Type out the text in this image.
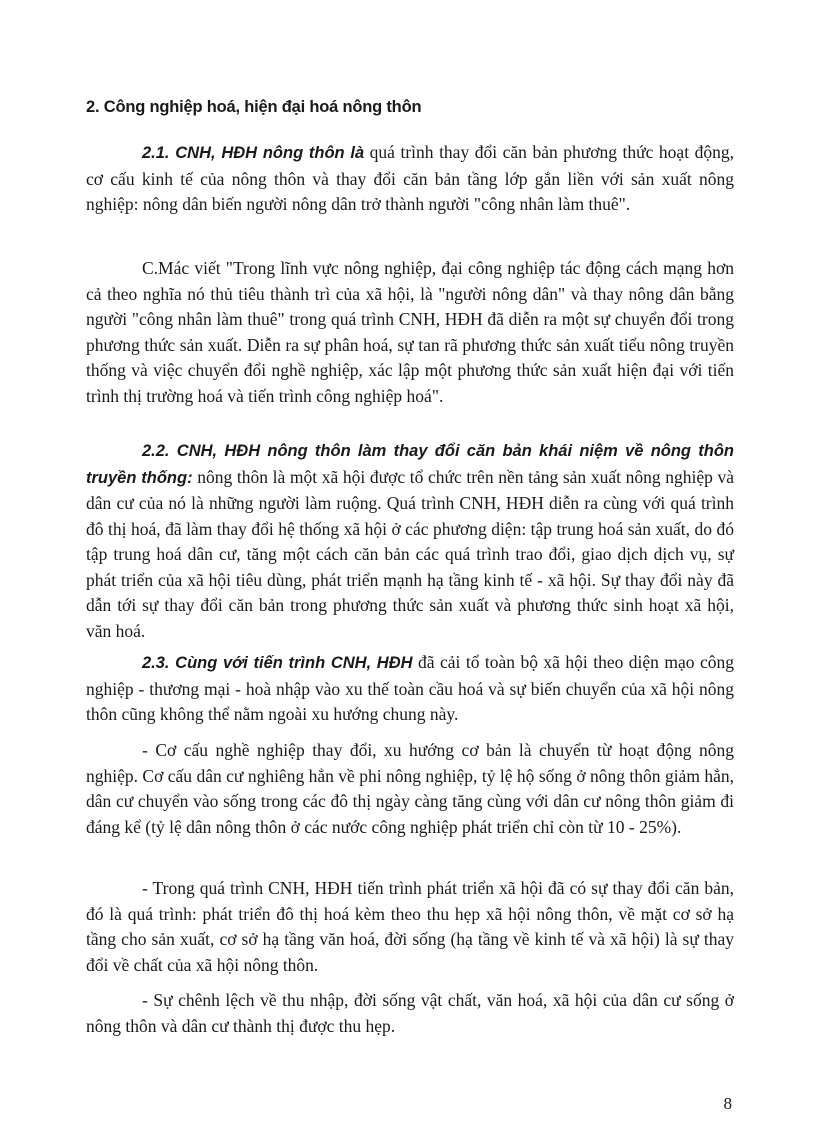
2. Công nghiệp hoá, hiện đại hoá nông thôn

2.1. CNH, HĐH nông thôn là quá trình thay đổi căn bản phương thức hoạt động, cơ cấu kinh tế của nông thôn và thay đổi căn bản tầng lớp gắn liền với sản xuất nông nghiệp: nông dân biến người nông dân trở thành người "công nhân làm thuê".

C.Mác viết "Trong lĩnh vực nông nghiệp, đại công nghiệp tác động cách mạng hơn cả theo nghĩa nó thủ tiêu thành trì của xã hội, là "người nông dân" và thay nông dân bằng người "công nhân làm thuê" trong quá trình CNH, HĐH đã diễn ra một sự chuyển đổi trong phương thức sản xuất. Diễn ra sự phân hoá, sự tan rã phương thức sản xuất tiểu nông truyền thống và việc chuyển đổi nghề nghiệp, xác lập một phương thức sản xuất hiện đại với tiến trình thị trường hoá và tiến trình công nghiệp hoá".

2.2. CNH, HĐH nông thôn làm thay đổi căn bản khái niệm về nông thôn truyền thống: nông thôn là một xã hội được tổ chức trên nền tảng sản xuất nông nghiệp và dân cư của nó là những người làm ruộng. Quá trình CNH, HĐH diễn ra cùng với quá trình đô thị hoá, đã làm thay đổi hệ thống xã hội ở các phương diện: tập trung hoá sản xuất, do đó tập trung hoá dân cư, tăng một cách căn bản các quá trình trao đổi, giao dịch dịch vụ, sự phát triển của xã hội tiêu dùng, phát triển mạnh hạ tầng kinh tế - xã hội. Sự thay đổi này đã dẫn tới sự thay đổi căn bản trong phương thức sản xuất và phương thức sinh hoạt xã hội, văn hoá.

2.3. Cùng với tiến trình CNH, HĐH đã cải tổ toàn bộ xã hội theo diện mạo công nghiệp - thương mại - hoà nhập vào xu thế toàn cầu hoá và sự biến chuyển của xã hội nông thôn cũng không thể nằm ngoài xu hướng chung này.

- Cơ cấu nghề nghiệp thay đổi, xu hướng cơ bản là chuyển từ hoạt động nông nghiệp. Cơ cấu dân cư nghiêng hẳn về phi nông nghiệp, tỷ lệ hộ sống ở nông thôn giảm hẳn, dân cư chuyển vào sống trong các đô thị ngày càng tăng cùng với dân cư nông thôn giảm đi đáng kể (tỷ lệ dân nông thôn ở các nước công nghiệp phát triển chỉ còn từ 10 - 25%).

- Trong quá trình CNH, HĐH tiến trình phát triển xã hội đã có sự thay đổi căn bản, đó là quá trình: phát triển đô thị hoá kèm theo thu hẹp xã hội nông thôn, về mặt cơ sở hạ tầng cho sản xuất, cơ sở hạ tầng văn hoá, đời sống (hạ tầng về kinh tế và xã hội) là sự thay đổi về chất của xã hội nông thôn.

- Sự chênh lệch về thu nhập, đời sống vật chất, văn hoá, xã hội của dân cư sống ở nông thôn và dân cư thành thị được thu hẹp.

8
